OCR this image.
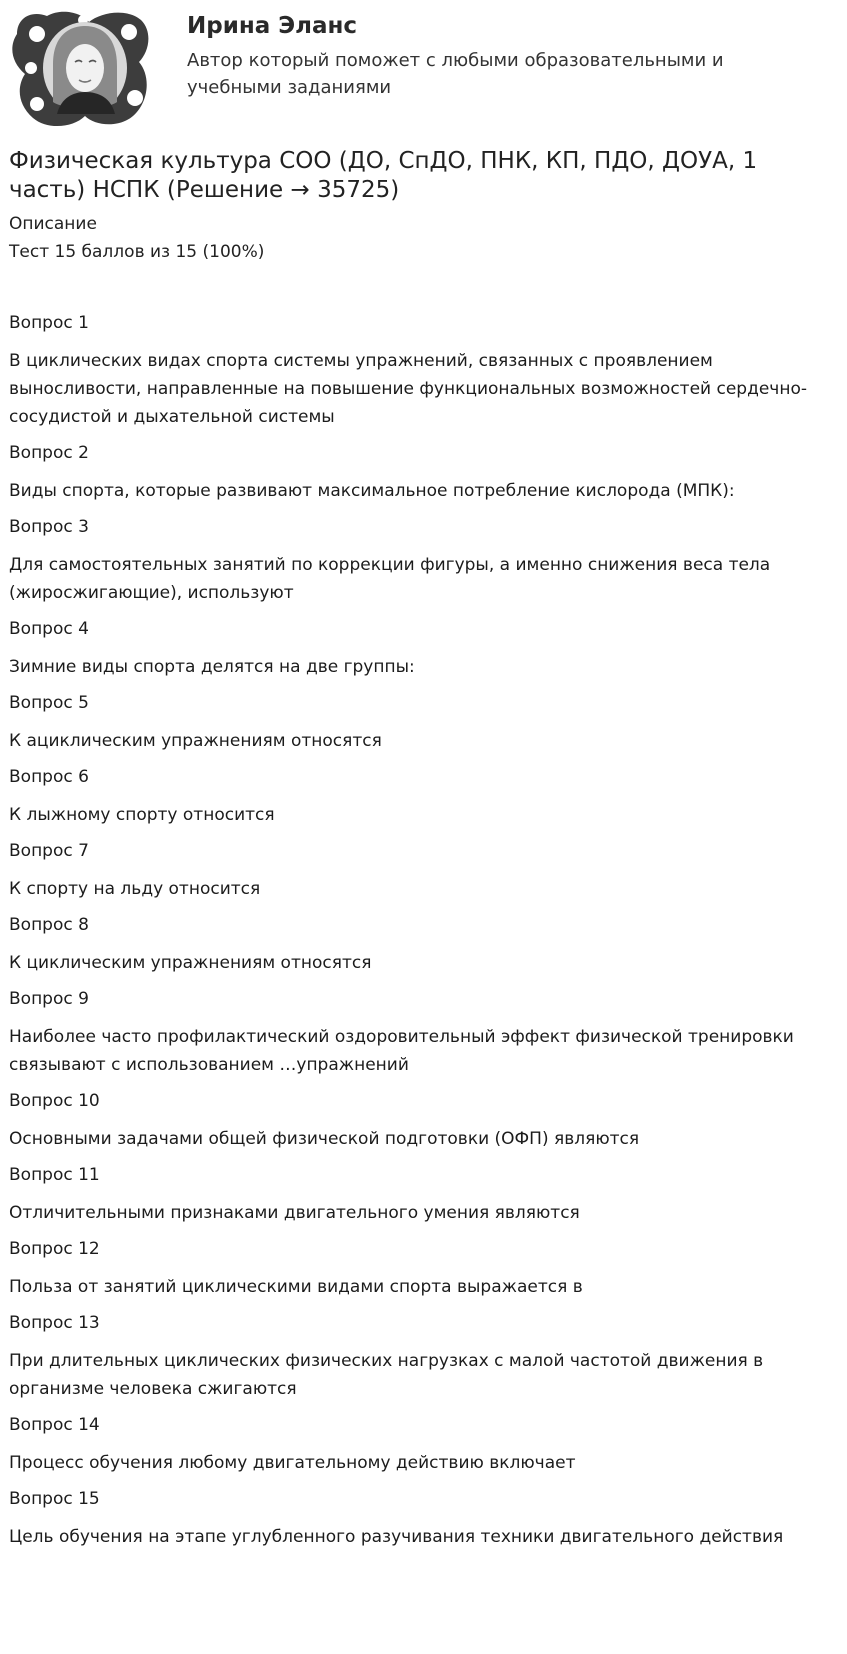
Ирина Эланс
Автор который поможет с любыми образовательными и учебными заданиями
Физическая культура СОО (ДО, СпДО, ПНК, КП, ПДО, ДОУА, 1 часть) НСПК (Решение → 35725)
Описание
Тест 15 баллов из 15 (100%)
Вопрос 1
В циклических видах спорта системы упражнений, связанных с проявлением выносливости, направленные на повышение функциональных возможностей сердечно-сосудистой и дыхательной системы
Вопрос 2
Виды спорта, которые развивают максимальное потребление кислорода (МПК):
Вопрос 3
Для самостоятельных занятий по коррекции фигуры, а именно снижения веса тела (жиросжигающие), используют
Вопрос 4
Зимние виды спорта делятся на две группы:
Вопрос 5
К ациклическим упражнениям относятся
Вопрос 6
К лыжному спорту относится
Вопрос 7
К спорту на льду относится
Вопрос 8
К циклическим упражнениям относятся
Вопрос 9
Наиболее часто профилактический оздоровительный эффект физической тренировки связывают с использованием …упражнений
Вопрос 10
Основными задачами общей физической подготовки (ОФП) являются
Вопрос 11
Отличительными признаками двигательного умения являются
Вопрос 12
Польза от занятий циклическими видами спорта выражается в
Вопрос 13
При длительных циклических физических нагрузках с малой частотой движения в организме человека сжигаются
Вопрос 14
Процесс обучения любому двигательному действию включает
Вопрос 15
Цель обучения на этапе углубленного разучивания техники двигательного действия
